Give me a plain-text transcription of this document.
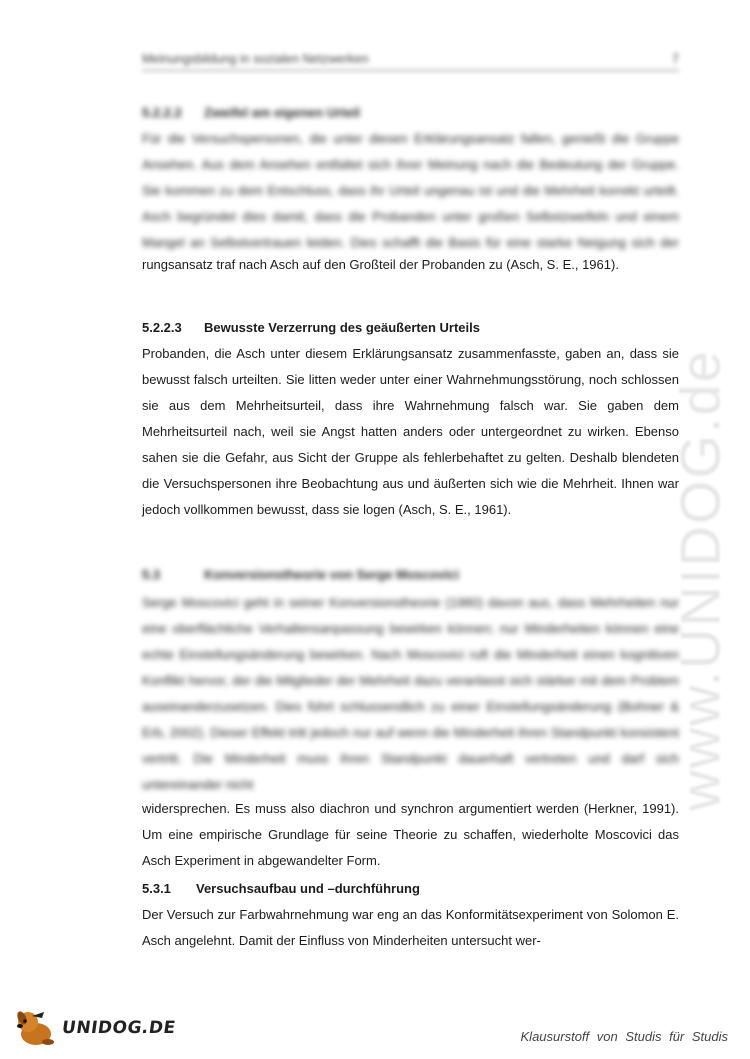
www.UNIDOG.de
Meinungsbildung in sozialen Netzwerken	7
5.2.2.2 Zweifel am eigenen Urteil

Für die Versuchspersonen, die unter diesen Erklärungsansatz fallen, genießt die Gruppe Ansehen. Aus dem Ansehen entfaltet sich ihrer Meinung nach die Bedeutung der Gruppe. Sie kommen zu dem Entschluss, dass ihr Urteil ungenau ist und die Mehrheit korrekt urteilt. Asch begründet dies damit, dass die Probanden unter großen Selbstzweifeln und einem Mangel an Selbstvertrauen leiden. Dies schafft die Basis für eine starke Neigung sich der

rungsansatz traf nach Asch auf den Großteil der Probanden zu (Asch, S. E., 1961).

5.2.2.3 Bewusste Verzerrung des geäußerten Urteils

Probanden, die Asch unter diesem Erklärungsansatz zusammenfasste, gaben an, dass sie bewusst falsch urteilten. Sie litten weder unter einer Wahrnehmungsstörung, noch schlossen sie aus dem Mehrheitsurteil, dass ihre Wahrnehmung falsch war. Sie gaben dem Mehrheitsurteil nach, weil sie Angst hatten anders oder untergeordnet zu wirken. Ebenso sahen sie die Gefahr, aus Sicht der Gruppe als fehlerbehaftet zu gelten. Deshalb blendeten die Versuchspersonen ihre Beobachtung aus und äußerten sich wie die Mehrheit. Ihnen war jedoch vollkommen bewusst, dass sie logen (Asch, S. E., 1961).

5.3	Konversionstheorie von Serge Moscovici

Serge Moscovici geht in seiner Konversionstheorie (1980) davon aus, dass Mehrheiten nur eine oberflächliche Verhaltensanpassung bewirken können; nur Minderheiten können eine echte Einstellungsänderung bewirken. Nach Moscovici ruft die Minderheit einen kognitiven Konflikt hervor, der die Mitglieder der Mehrheit dazu veranlasst sich stärker mit dem Problem auseinanderzusetzen. Dies führt schlussendlich zu einer Einstellungsänderung (Bohner & Erb, 2002). Dieser Effekt tritt jedoch nur auf wenn die Minderheit ihren Standpunkt konsistent vertritt. Die Minderheit muss ihren Standpunkt dauerhaft vertreten und darf sich untereinander nicht

widersprechen. Es muss also diachron und synchron argumentiert werden (Herkner, 1991). Um eine empirische Grundlage für seine Theorie zu schaffen, wiederholte Moscovici das Asch Experiment in abgewandelter Form.

5.3.1 Versuchsaufbau und –durchführung

Der Versuch zur Farbwahrnehmung war eng an das Konformitätsexperiment von Solomon E. Asch angelehnt. Damit der Einfluss von Minderheiten untersucht wer-

UNIDOG.DE	Klausurstoff von Studis für Studis
